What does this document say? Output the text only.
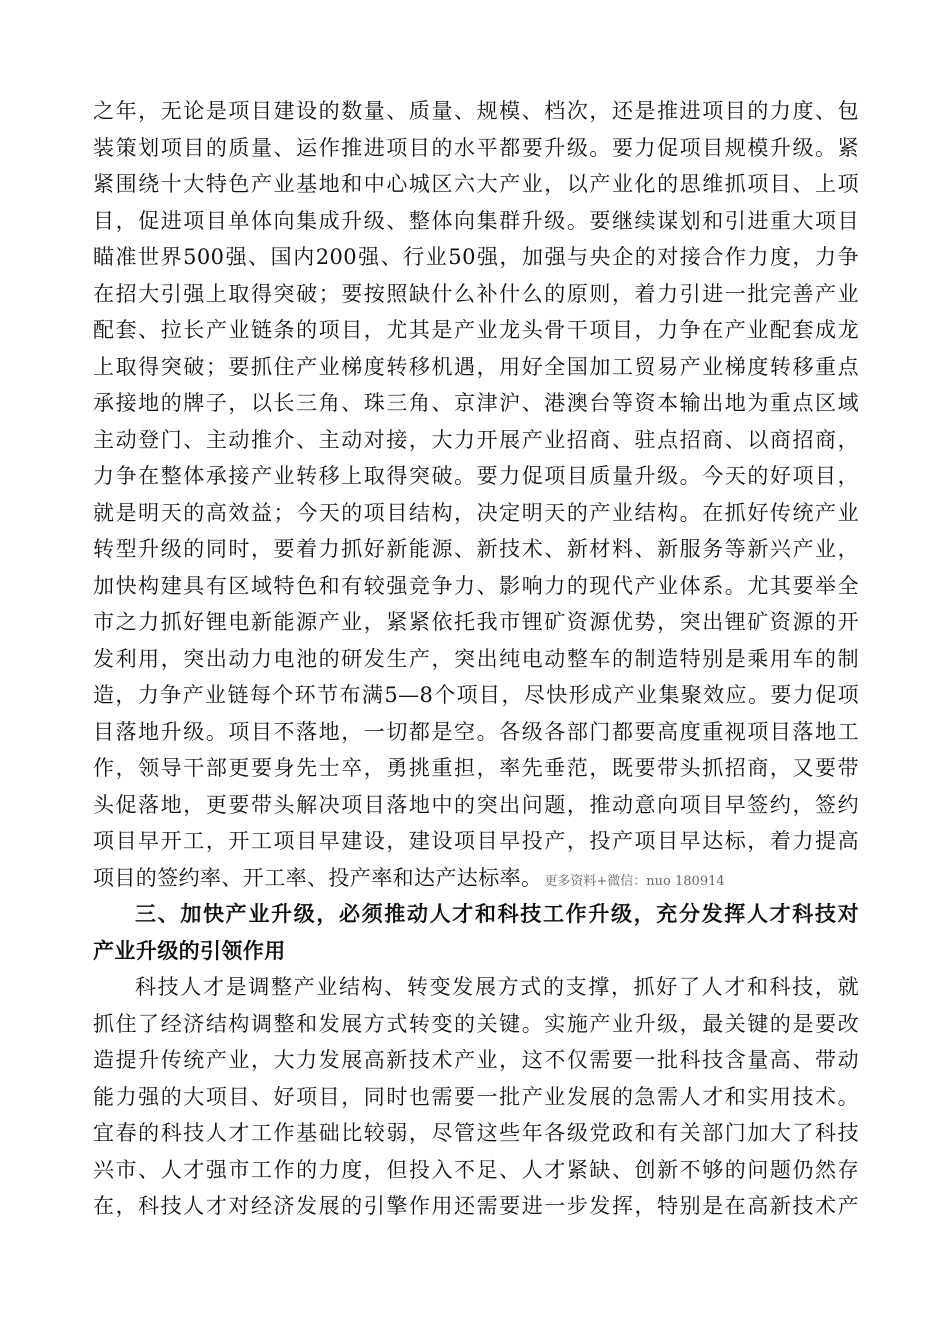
之年，无论是项目建设的数量、质量、规模、档次，还是推进项目的力度、包
装策划项目的质量、运作推进项目的水平都要升级。要力促项目规模升级。紧
紧围绕十大特色产业基地和中心城区六大产业，以产业化的思维抓项目、上项
目，促进项目单体向集成升级、整体向集群升级。要继续谋划和引进重大项目
瞄准世界500强、国内200强、行业50强，加强与央企的对接合作力度，力争
在招大引强上取得突破；要按照缺什么补什么的原则，着力引进一批完善产业
配套、拉长产业链条的项目，尤其是产业龙头骨干项目，力争在产业配套成龙
上取得突破；要抓住产业梯度转移机遇，用好全国加工贸易产业梯度转移重点
承接地的牌子，以长三角、珠三角、京津沪、港澳台等资本输出地为重点区域
主动登门、主动推介、主动对接，大力开展产业招商、驻点招商、以商招商，
力争在整体承接产业转移上取得突破。要力促项目质量升级。今天的好项目，
就是明天的高效益；今天的项目结构，决定明天的产业结构。在抓好传统产业
转型升级的同时，要着力抓好新能源、新技术、新材料、新服务等新兴产业，
加快构建具有区域特色和有较强竞争力、影响力的现代产业体系。尤其要举全
市之力抓好锂电新能源产业，紧紧依托我市锂矿资源优势，突出锂矿资源的开
发利用，突出动力电池的研发生产，突出纯电动整车的制造特别是乘用车的制
造，力争产业链每个环节布满5—8个项目，尽快形成产业集聚效应。要力促项
目落地升级。项目不落地，一切都是空。各级各部门都要高度重视项目落地工
作，领导干部更要身先士卒，勇挑重担，率先垂范，既要带头抓招商，又要带
头促落地，更要带头解决项目落地中的突出问题，推动意向项目早签约，签约
项目早开工，开工项目早建设，建设项目早投产，投产项目早达标，着力提高
项目的签约率、开工率、投产率和达产达标率。 更多资料+微信：nuo 180914
三、加快产业升级，必须推动人才和科技工作升级，充分发挥人才科技对
产业升级的引领作用
科技人才是调整产业结构、转变发展方式的支撑，抓好了人才和科技，就
抓住了经济结构调整和发展方式转变的关键。实施产业升级，最关键的是要改
造提升传统产业，大力发展高新技术产业，这不仅需要一批科技含量高、带动
能力强的大项目、好项目，同时也需要一批产业发展的急需人才和实用技术。
宜春的科技人才工作基础比较弱，尽管这些年各级党政和有关部门加大了科技
兴市、人才强市工作的力度，但投入不足、人才紧缺、创新不够的问题仍然存
在，科技人才对经济发展的引擎作用还需要进一步发挥，特别是在高新技术产
